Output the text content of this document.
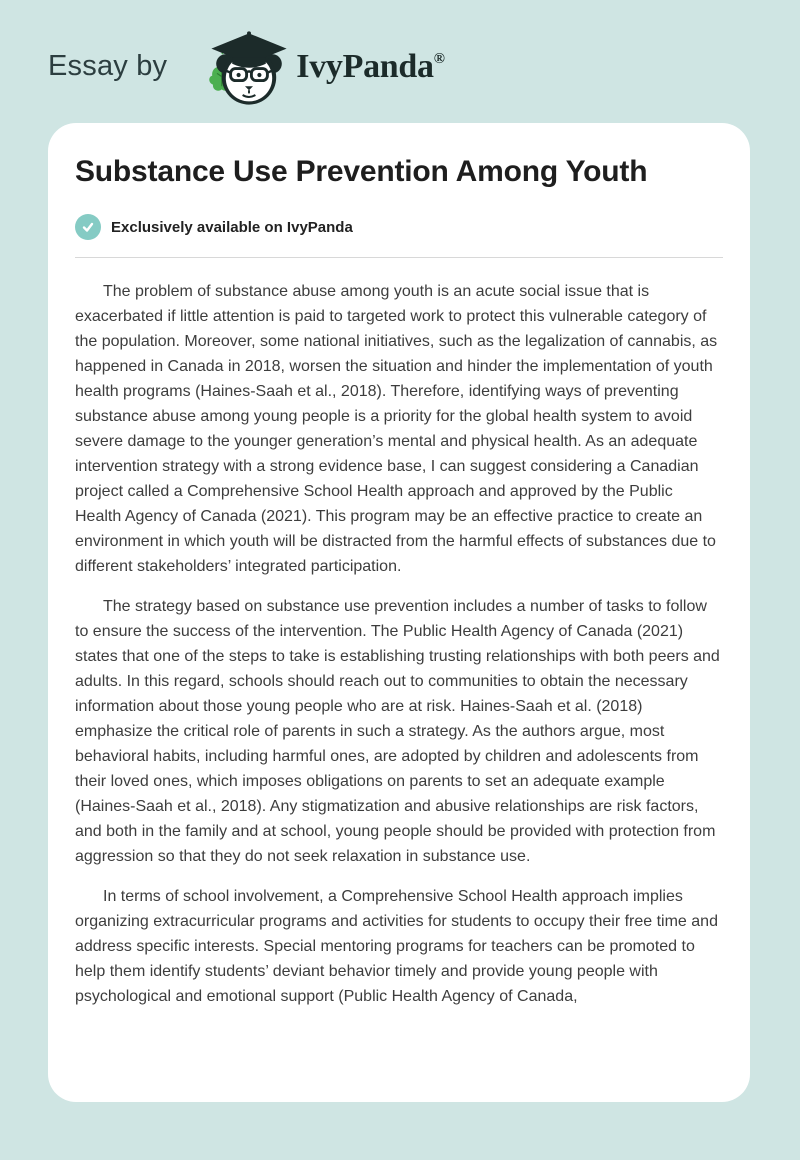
Essay by	IvyPanda®
Substance Use Prevention Among Youth
Exclusively available on IvyPanda

The problem of substance abuse among youth is an acute social issue that is exacerbated if little attention is paid to targeted work to protect this vulnerable category of the population. Moreover, some national initiatives, such as the legalization of cannabis, as happened in Canada in 2018, worsen the situation and hinder the implementation of youth health programs (Haines-Saah et al., 2018). Therefore, identifying ways of preventing substance abuse among young people is a priority for the global health system to avoid severe damage to the younger generation’s mental and physical health. As an adequate intervention strategy with a strong evidence base, I can suggest considering a Canadian project called a Comprehensive School Health approach and approved by the Public Health Agency of Canada (2021). This program may be an effective practice to create an environment in which youth will be distracted from the harmful effects of substances due to different stakeholders’ integrated participation.

The strategy based on substance use prevention includes a number of tasks to follow to ensure the success of the intervention. The Public Health Agency of Canada (2021) states that one of the steps to take is establishing trusting relationships with both peers and adults. In this regard, schools should reach out to communities to obtain the necessary information about those young people who are at risk. Haines-Saah et al. (2018) emphasize the critical role of parents in such a strategy. As the authors argue, most behavioral habits, including harmful ones, are adopted by children and adolescents from their loved ones, which imposes obligations on parents to set an adequate example (Haines-Saah et al., 2018). Any stigmatization and abusive relationships are risk factors, and both in the family and at school, young people should be provided with protection from aggression so that they do not seek relaxation in substance use.

In terms of school involvement, a Comprehensive School Health approach implies organizing extracurricular programs and activities for students to occupy their free time and address specific interests. Special mentoring programs for teachers can be promoted to help them identify students’ deviant behavior timely and provide young people with psychological and emotional support (Public Health Agency of Canada,
